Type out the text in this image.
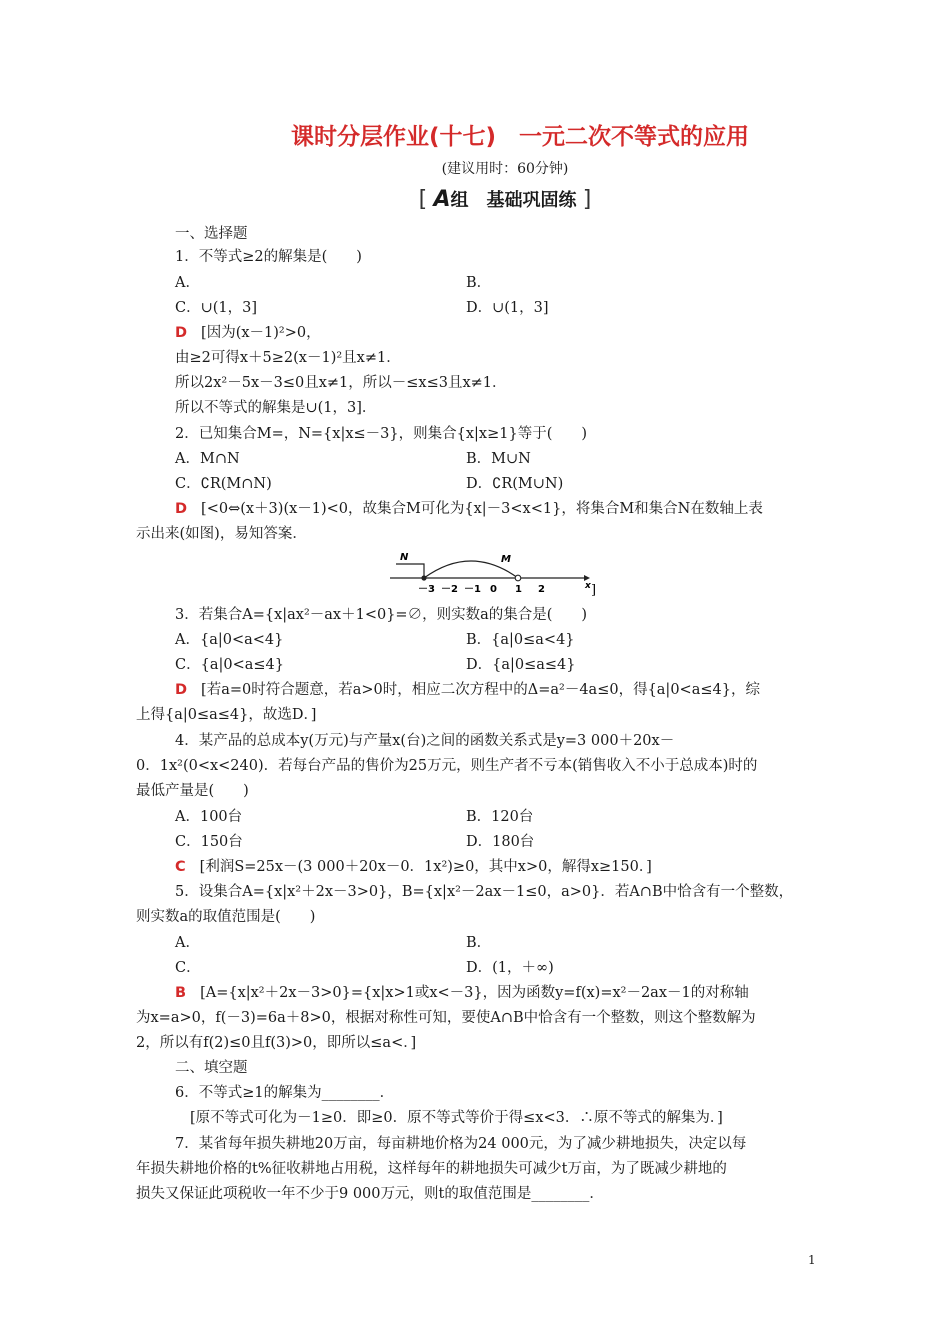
课时分层作业(十七)　一元二次不等式的应用
(建议用时：60分钟)
[ A组　基础巩固练 ]
一、选择题
1．不等式≥2的解集是(　　)
A．	B．
C．∪(1，3]	D．∪(1，3]
D [因为(x－1)²>0，
由≥2可得x＋5≥2(x－1)²且x≠1．
所以2x²－5x－3≤0且x≠1，所以－≤x≤3且x≠1．
所以不等式的解集是∪(1，3]．
2．已知集合M=，N={x|x≤－3}，则集合{x|x≥1}等于(　　)
A．M∩N	B．M∪N
C．∁R(M∩N)	D．∁R(M∪N)
D [<0⇔(x＋3)(x－1)<0，故集合M可化为{x|－3<x<1}，将集合M和集合N在数轴上表
示出来(如图)，易知答案．
N	M
－3 －2 －1 0 1 2	x ]
3．若集合A={x|ax²－ax＋1<0}=∅，则实数a的集合是(　　)
A．{a|0<a<4}	B．{a|0≤a<4}
C．{a|0<a≤4}	D．{a|0≤a≤4}
D [若a=0时符合题意，若a>0时，相应二次方程中的Δ=a²－4a≤0，得{a|0<a≤4}，综
上得{a|0≤a≤4}，故选D．]
4．某产品的总成本y(万元)与产量x(台)之间的函数关系式是y=3 000＋20x－
0．1x²(0<x<240)．若每台产品的售价为25万元，则生产者不亏本(销售收入不小于总成本)时的
最低产量是(　　)
A．100台	B．120台
C．150台	D．180台
C [利润S=25x－(3 000＋20x－0．1x²)≥0，其中x>0，解得x≥150．]
5．设集合A={x|x²＋2x－3>0}，B={x|x²－2ax－1≤0，a>0}．若A∩B中恰含有一个整数，
则实数a的取值范围是(　　)
A．	B．
C．	D．(1，＋∞)
B [A={x|x²＋2x－3>0}={x|x>1或x<－3}，因为函数y=f(x)=x²－2ax－1的对称轴
为x=a>0，f(－3)=6a＋8>0，根据对称性可知，要使A∩B中恰含有一个整数，则这个整数解为
2，所以有f(2)≤0且f(3)>0，即所以≤a<．]
二、填空题
6．不等式≥1的解集为________．
[原不等式可化为－1≥0．即≥0．原不等式等价于得≤x<3．∴原不等式的解集为．]
7．某省每年损失耕地20万亩，每亩耕地价格为24 000元，为了减少耕地损失，决定以每
年损失耕地价格的t%征收耕地占用税，这样每年的耕地损失可减少t万亩，为了既减少耕地的
损失又保证此项税收一年不少于9 000万元，则t的取值范围是________．
1
